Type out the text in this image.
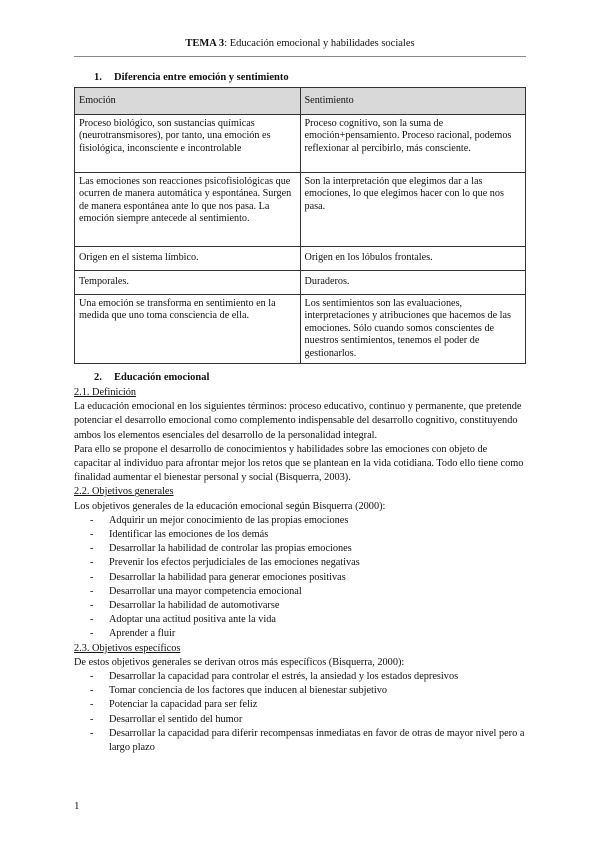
TEMA 3: Educación emocional y habilidades sociales
1. Diferencia entre emoción y sentimiento
Emoción	Sentimiento
Proceso biológico, son sustancias químicas (neurotransmisores), por tanto, una emoción es fisiológica, inconsciente e incontrolable	Proceso cognitivo, son la suma de emoción+pensamiento. Proceso racional, podemos reflexionar al percibirlo, más consciente.
Las emociones son reacciones psicofisiológicas que ocurren de manera automática y espontánea. Surgen de manera espontánea ante lo que nos pasa. La emoción siempre antecede al sentimiento.	Son la interpretación que elegimos dar a las emociones, lo que elegimos hacer con lo que nos pasa.
Origen en el sistema límbico.	Origen en los lóbulos frontales.
Temporales.	Duraderos.
Una emoción se transforma en sentimiento en la medida que uno toma consciencia de ella.	Los sentimientos son las evaluaciones, interpretaciones y atribuciones que hacemos de las emociones. Sólo cuando somos conscientes de nuestros sentimientos, tenemos el poder de gestionarlos.
2. Educación emocional
2.1. Definición
La educación emocional en los siguientes términos: proceso educativo, continuo y permanente, que pretende potenciar el desarrollo emocional como complemento indispensable del desarrollo cognitivo, constituyendo ambos los elementos esenciales del desarrollo de la personalidad integral.
Para ello se propone el desarrollo de conocimientos y habilidades sobre las emociones con objeto de capacitar al individuo para afrontar mejor los retos que se plantean en la vida cotidiana. Todo ello tiene como finalidad aumentar el bienestar personal y social (Bisquerra, 2003).
2.2. Objetivos generales
Los objetivos generales de la educación emocional según Bisquerra (2000):
- Adquirir un mejor conocimiento de las propias emociones
- Identificar las emociones de los demás
- Desarrollar la habilidad de controlar las propias emociones
- Prevenir los efectos perjudiciales de las emociones negativas
- Desarrollar la habilidad para generar emociones positivas
- Desarrollar una mayor competencia emocional
- Desarrollar la habilidad de automotivarse
- Adoptar una actitud positiva ante la vida
- Aprender a fluir
2.3. Objetivos específicos
De estos objetivos generales se derivan otros más específicos (Bisquerra, 2000):
- Desarrollar la capacidad para controlar el estrés, la ansiedad y los estados depresivos
- Tomar conciencia de los factores que inducen al bienestar subjetivo
- Potenciar la capacidad para ser feliz
- Desarrollar el sentido del humor
- Desarrollar la capacidad para diferir recompensas inmediatas en favor de otras de mayor nivel pero a largo plazo
1
